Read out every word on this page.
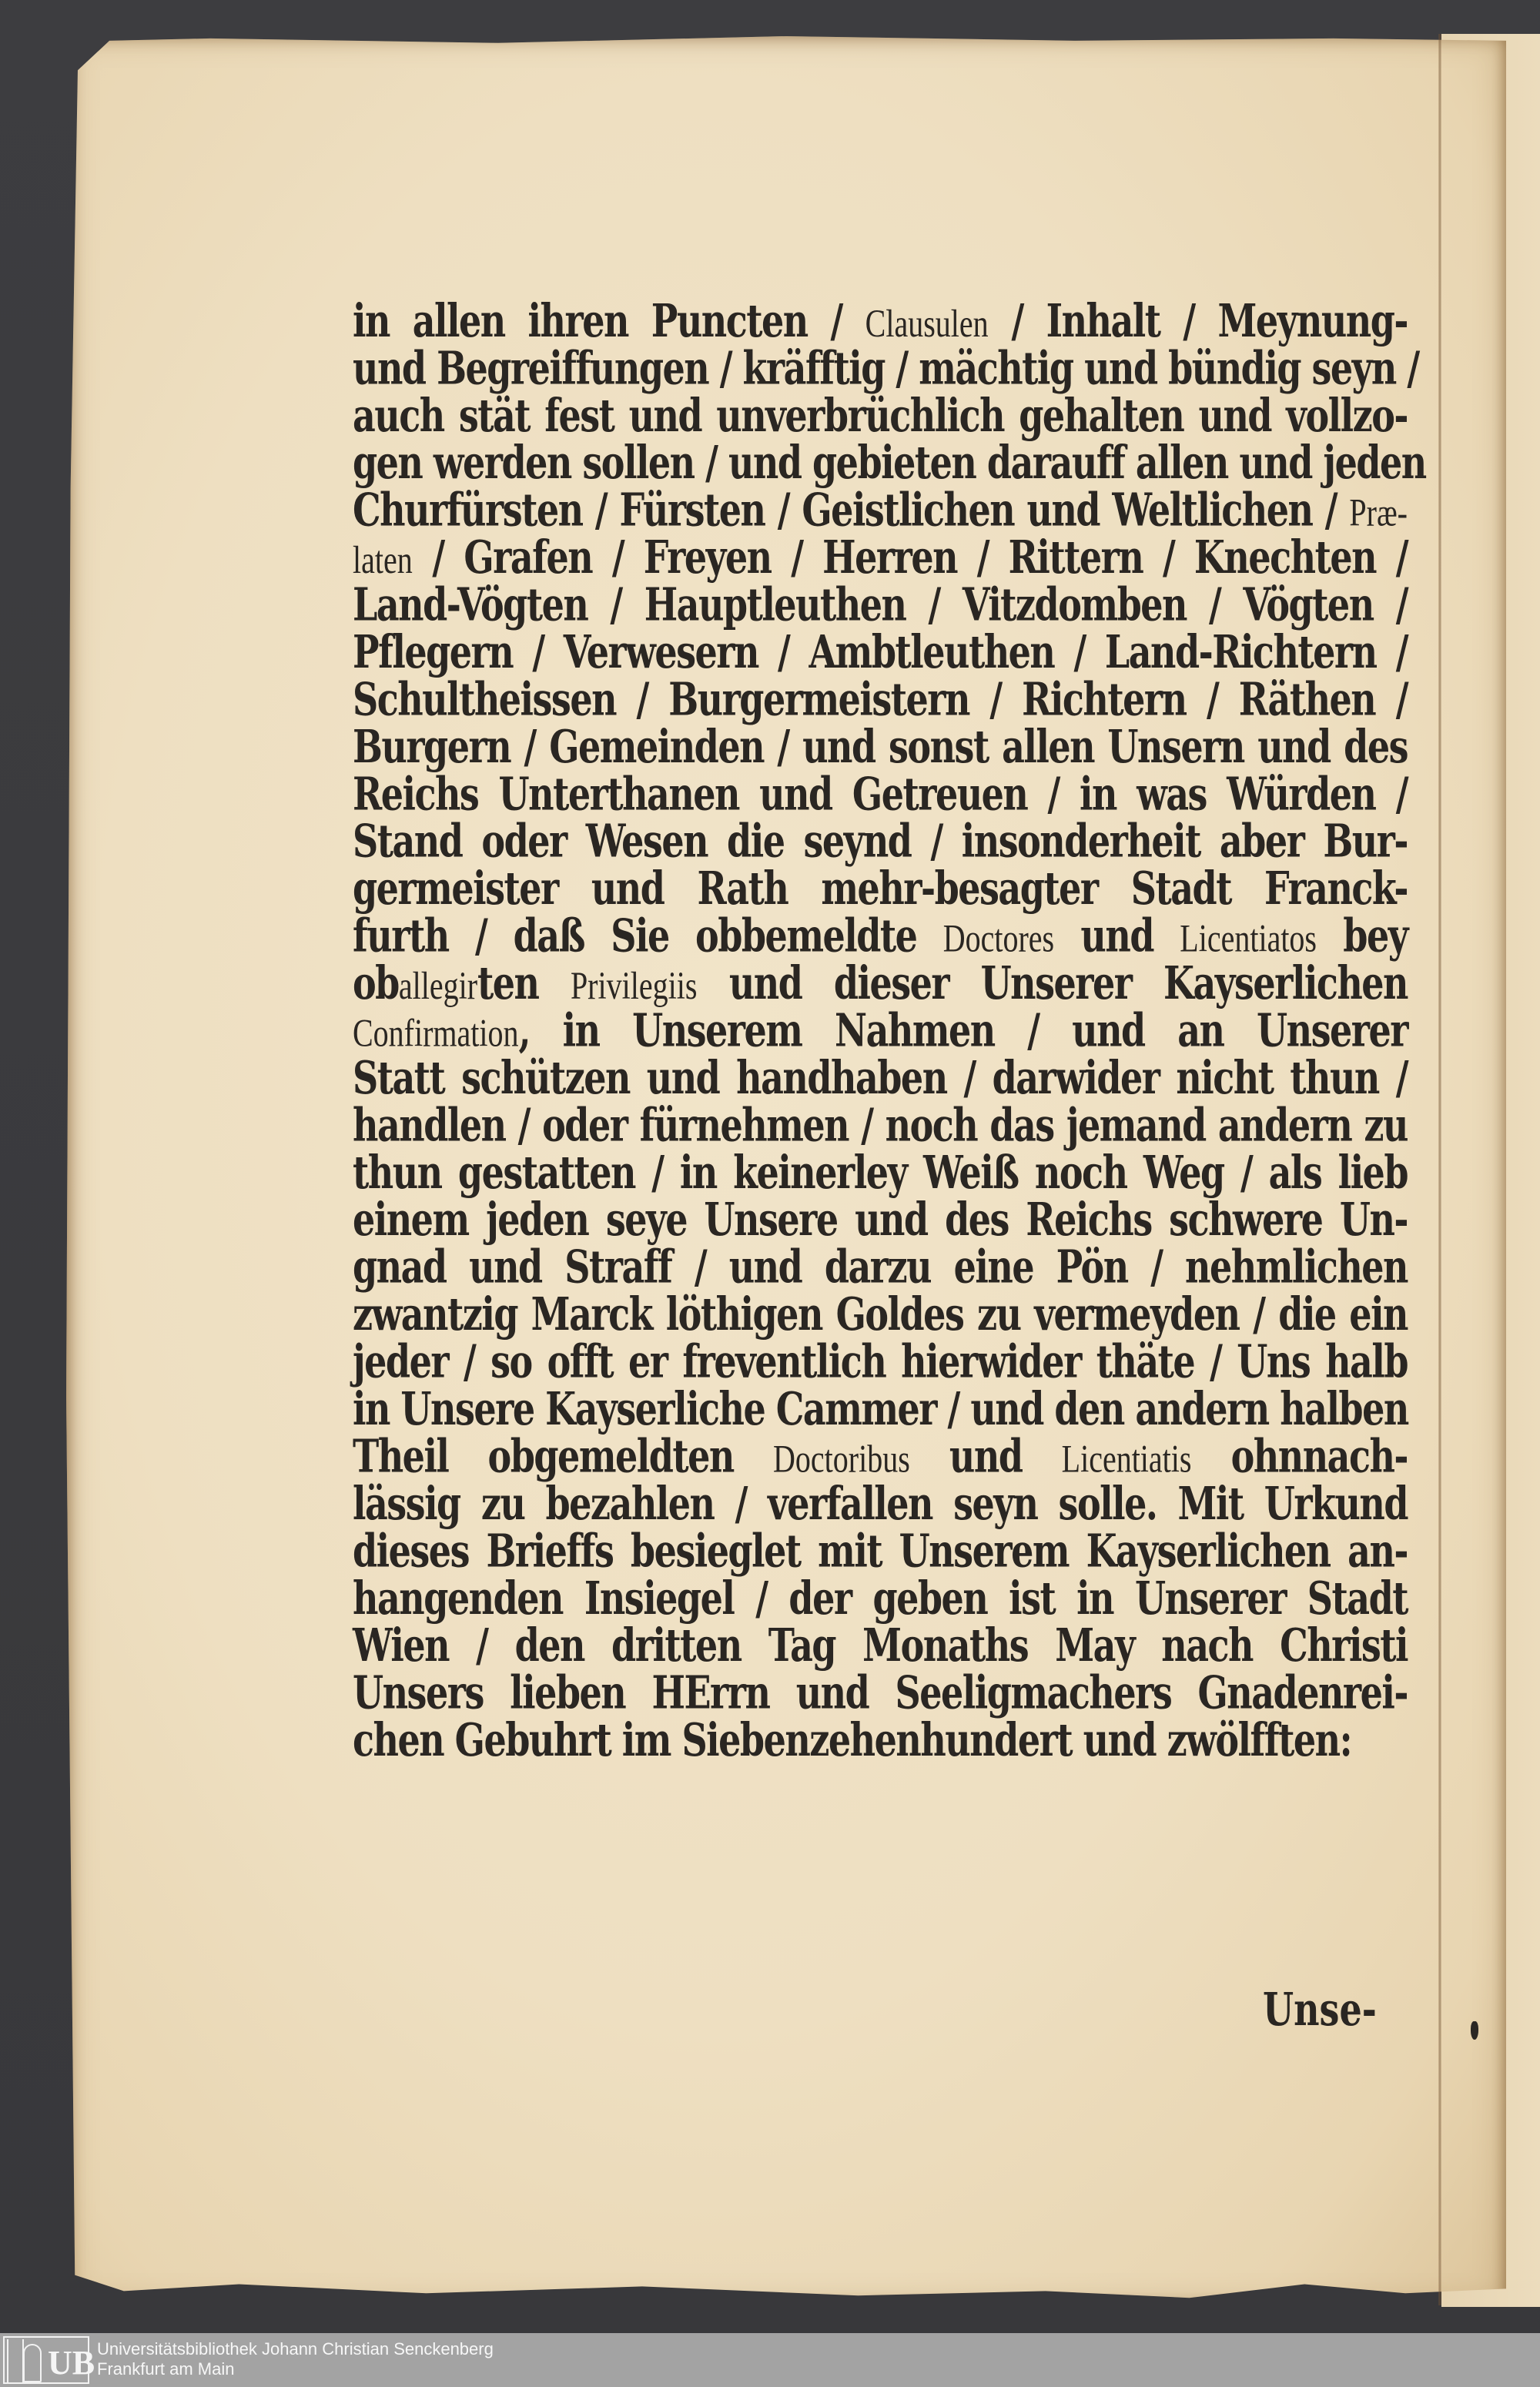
in allen ihren Puncten / Clausulen / Inhalt / Meynung-
und Begreiffungen / kräfftig / mächtig und bündig seyn /
auch stät fest und unverbrüchlich gehalten und vollzo-
gen werden sollen / und gebieten darauff allen und jeden
Churfürsten / Fürsten / Geistlichen und Weltlichen / Præ-
laten / Grafen / Freyen / Herren / Rittern / Knechten /
Land-Vögten / Hauptleuthen / Vitzdomben / Vögten /
Pflegern / Verwesern / Ambtleuthen / Land-Richtern /
Schultheissen / Burgermeistern / Richtern / Räthen /
Burgern / Gemeinden / und sonst allen Unsern und des
Reichs Unterthanen und Getreuen / in was Würden /
Stand oder Wesen die seynd / insonderheit aber Bur-
germeister und Rath mehr-besagter Stadt Franck-
furth / daß Sie obbemeldte Doctores und Licentiatos bey
oballegirten Privilegiis und dieser Unserer Kayserlichen
Confirmation, in Unserem Nahmen / und an Unserer
Statt schützen und handhaben / darwider nicht thun /
handlen / oder fürnehmen / noch das jemand andern zu
thun gestatten / in keinerley Weiß noch Weg / als lieb
einem jeden seye Unsere und des Reichs schwere Un-
gnad und Straff / und darzu eine Pön / nehmlichen
zwantzig Marck löthigen Goldes zu vermeyden / die ein
jeder / so offt er freventlich hierwider thäte / Uns halb
in Unsere Kayserliche Cammer / und den andern halben
Theil obgemeldten Doctoribus und Licentiatis ohnnach-
lässig zu bezahlen / verfallen seyn solle. Mit Urkund
dieses Brieffs besieglet mit Unserem Kayserlichen an-
hangenden Insiegel / der geben ist in Unserer Stadt
Wien / den dritten Tag Monaths May nach Christi
Unsers lieben HErrn und Seeligmachers Gnadenrei-
chen Gebuhrt im Siebenzehenhundert und zwölfften:
Unse-
UB Universitätsbibliothek Johann Christian Senckenberg
Frankfurt am Main
